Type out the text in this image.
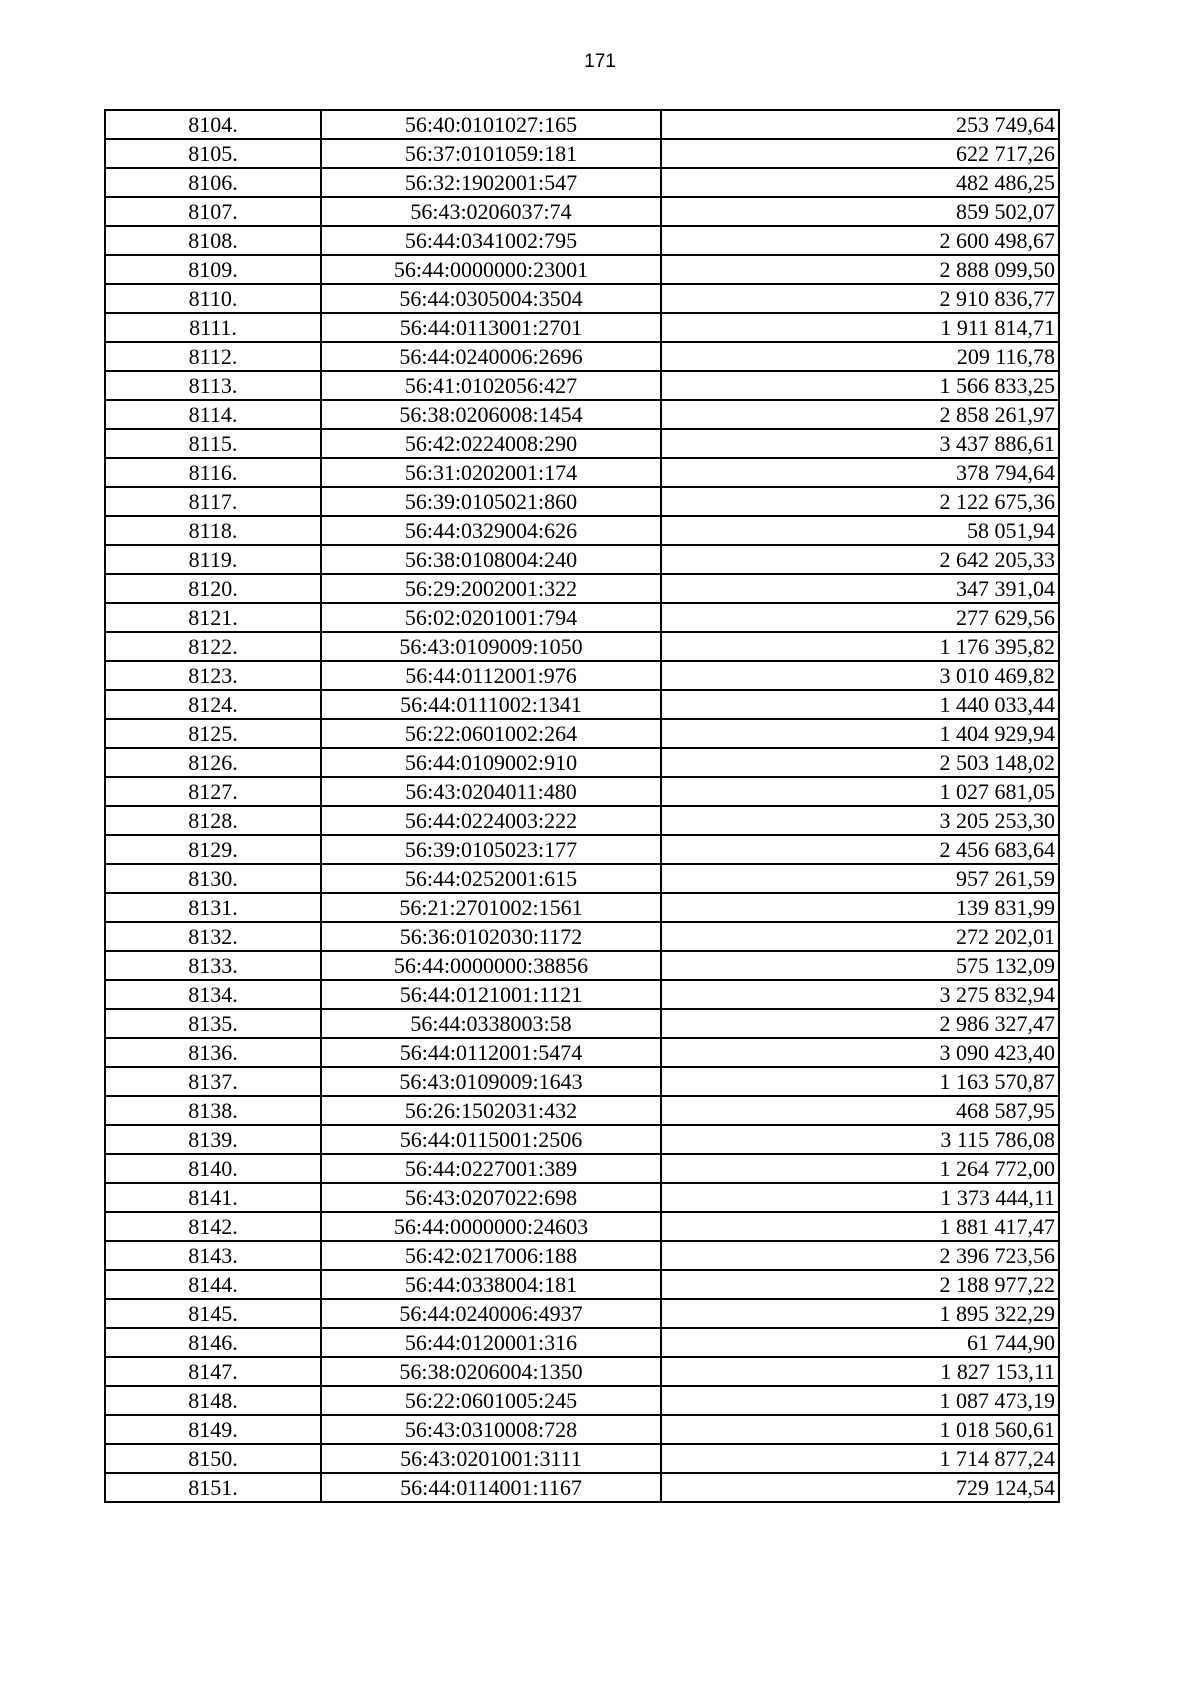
171
8104.	56:40:0101027:165	253 749,64
8105.	56:37:0101059:181	622 717,26
8106.	56:32:1902001:547	482 486,25
8107.	56:43:0206037:74	859 502,07
8108.	56:44:0341002:795	2 600 498,67
8109.	56:44:0000000:23001	2 888 099,50
8110.	56:44:0305004:3504	2 910 836,77
8111.	56:44:0113001:2701	1 911 814,71
8112.	56:44:0240006:2696	209 116,78
8113.	56:41:0102056:427	1 566 833,25
8114.	56:38:0206008:1454	2 858 261,97
8115.	56:42:0224008:290	3 437 886,61
8116.	56:31:0202001:174	378 794,64
8117.	56:39:0105021:860	2 122 675,36
8118.	56:44:0329004:626	58 051,94
8119.	56:38:0108004:240	2 642 205,33
8120.	56:29:2002001:322	347 391,04
8121.	56:02:0201001:794	277 629,56
8122.	56:43:0109009:1050	1 176 395,82
8123.	56:44:0112001:976	3 010 469,82
8124.	56:44:0111002:1341	1 440 033,44
8125.	56:22:0601002:264	1 404 929,94
8126.	56:44:0109002:910	2 503 148,02
8127.	56:43:0204011:480	1 027 681,05
8128.	56:44:0224003:222	3 205 253,30
8129.	56:39:0105023:177	2 456 683,64
8130.	56:44:0252001:615	957 261,59
8131.	56:21:2701002:1561	139 831,99
8132.	56:36:0102030:1172	272 202,01
8133.	56:44:0000000:38856	575 132,09
8134.	56:44:0121001:1121	3 275 832,94
8135.	56:44:0338003:58	2 986 327,47
8136.	56:44:0112001:5474	3 090 423,40
8137.	56:43:0109009:1643	1 163 570,87
8138.	56:26:1502031:432	468 587,95
8139.	56:44:0115001:2506	3 115 786,08
8140.	56:44:0227001:389	1 264 772,00
8141.	56:43:0207022:698	1 373 444,11
8142.	56:44:0000000:24603	1 881 417,47
8143.	56:42:0217006:188	2 396 723,56
8144.	56:44:0338004:181	2 188 977,22
8145.	56:44:0240006:4937	1 895 322,29
8146.	56:44:0120001:316	61 744,90
8147.	56:38:0206004:1350	1 827 153,11
8148.	56:22:0601005:245	1 087 473,19
8149.	56:43:0310008:728	1 018 560,61
8150.	56:43:0201001:3111	1 714 877,24
8151.	56:44:0114001:1167	729 124,54
